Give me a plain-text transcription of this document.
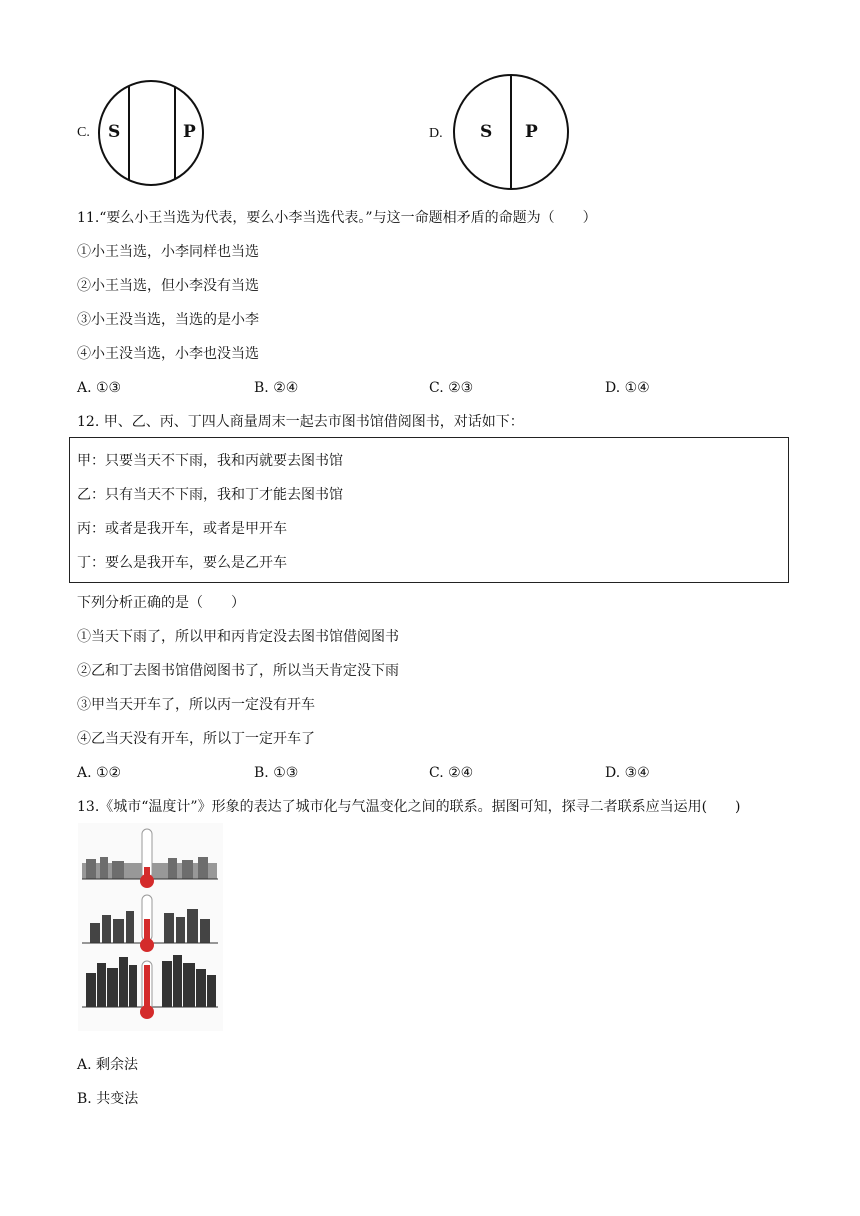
C. S	P	D. S P
11.“要么小王当选为代表，要么小李当选代表。”与这一命题相矛盾的命题为（　　）
①小王当选，小李同样也当选
②小王当选，但小李没有当选
③小王没当选，当选的是小李
④小王没当选，小李也没当选
A. ①③	B. ②④	C. ②③	D. ①④
12. 甲、乙、丙、丁四人商量周末一起去市图书馆借阅图书，对话如下：
甲：只要当天不下雨，我和丙就要去图书馆
乙：只有当天不下雨，我和丁才能去图书馆
丙：或者是我开车，或者是甲开车
丁：要么是我开车，要么是乙开车
下列分析正确的是（　　）
①当天下雨了，所以甲和丙肯定没去图书馆借阅图书
②乙和丁去图书馆借阅图书了，所以当天肯定没下雨
③甲当天开车了，所以丙一定没有开车
④乙当天没有开车，所以丁一定开车了
A. ①②	B. ①③	C. ②④	D. ③④
13.《城市“温度计”》形象的表达了城市化与气温变化之间的联系。据图可知，探寻二者联系应当运用(　　)
A. 剩余法
B. 共变法
